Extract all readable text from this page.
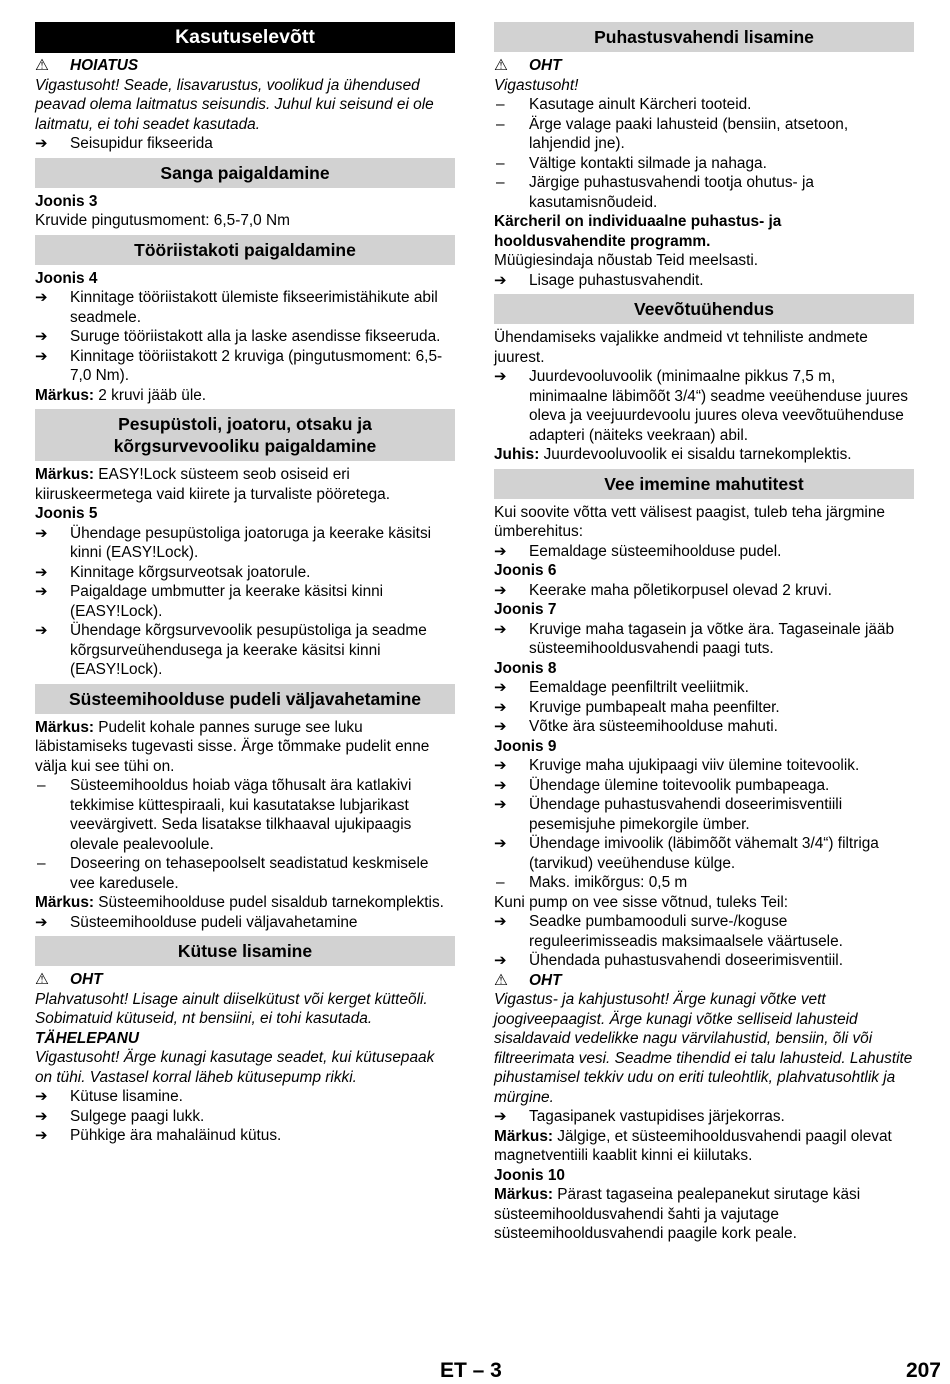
Kasutuselevõtt
⚠ HOIATUS

Vigastusoht! Seade, lisavarustus, voolikud ja ühendused peavad olema laitmatus seisundis. Juhul kui seisund ei ole laitmatu, ei tohi seadet kasutada.

➔	Seisupidur fikseerida
Sanga paigaldamine

Joonis 3

Kruvide pingutusmoment: 6,5-7,0 Nm

Tööriistakoti paigaldamine

Joonis 4

➔	Kinnitage tööriistakott ülemiste fikseerimistähikute abil seadmele.
➔	Suruge tööriistakott alla ja laske asendisse fikseeruda.
➔	Kinnitage tööriistakott 2 kruviga (pingutusmoment: 6,5-7,0 Nm).

Märkus: 2 kruvi jääb üle.

Pesupüstoli, joatoru, otsaku ja
kõrgsurvevooliku paigaldamine

Märkus: EASY!Lock süsteem seob osiseid eri kiiruskeermetega vaid kiirete ja turvaliste pööretega.

Joonis 5

➔	Ühendage pesupüstoliga joatoruga ja keerake käsitsi kinni (EASY!Lock).
➔	Kinnitage kõrgsurveotsak joatorule.
➔	Paigaldage umbmutter ja keerake käsitsi kinni (EASY!Lock).
➔	Ühendage kõrgsurvevoolik pesupüstoliga ja seadme kõrgsurveühendusega ja keerake käsitsi kinni (EASY!Lock).
Süsteemihoolduse pudeli väljavahetamine

Märkus: Pudelit kohale pannes suruge see luku läbistamiseks tugevasti sisse. Ärge tõmmake pudelit enne välja kui see tühi on.

–	Süsteemihooldus hoiab väga tõhusalt ära katlakivi tekkimise küttespiraali, kui kasutatakse lubjarikast veevärgivett. Seda lisatakse tilkhaaval ujukipaagis olevale pealevoolule.
–	Doseering on tehasepoolselt seadistatud keskmisele vee karedusele.

Märkus: Süsteemihoolduse pudel sisaldub tarnekomplektis.

➔	Süsteemihoolduse pudeli väljavahetamine
Kütuse lisamine
⚠ OHT

Plahvatusoht! Lisage ainult diiselkütust või kerget kütteõli. Sobimatuid kütuseid, nt bensiini, ei tohi kasutada.

TÄHELEPANU

Vigastusoht! Ärge kunagi kasutage seadet, kui kütusepaak on tühi. Vastasel korral läheb kütusepump rikki.

➔	Kütuse lisamine.
➔	Sulgege paagi lukk.
➔	Pühkige ära mahaläinud kütus.
Puhastusvahendi lisamine
⚠ OHT

Vigastusoht!

–	Kasutage ainult Kärcheri tooteid.
–	Ärge valage paaki lahusteid (bensiin, atsetoon, lahjendid jne).
–	Vältige kontakti silmade ja nahaga.
–	Järgige puhastusvahendi tootja ohutus- ja kasutamisnõudeid.

Kärcheril on individuaalne puhastus- ja hooldusvahendite programm.

Müügiesindaja nõustab Teid meelsasti.

➔	Lisage puhastusvahendit.
Veevõtuühendus

Ühendamiseks vajalikke andmeid vt tehniliste andmete juurest.

➔	Juurdevooluvoolik (minimaalne pikkus 7,5 m, minimaalne läbimõõt 3/4“) seadme veeühenduse juures oleva ja veejuurdevoolu juures oleva veevõtuühenduse adapteri (näiteks veekraan) abil.

Juhis: Juurdevooluvoolik ei sisaldu tarnekomplektis.

Vee imemine mahutitest

Kui soovite võtta vett välisest paagist, tuleb teha järgmine ümberehitus:

➔	Eemaldage süsteemihoolduse pudel.

Joonis 6

➔	Keerake maha põletikorpusel olevad 2 kruvi.

Joonis 7

➔	Kruvige maha tagasein ja võtke ära. Tagaseinale jääb süsteemihooldusvahendi paagi tuts.

Joonis 8

➔	Eemaldage peenfiltrilt veeliitmik.
➔	Kruvige pumbapealt maha peenfilter.
➔	Võtke ära süsteemihoolduse mahuti.

Joonis 9

➔	Kruvige maha ujukipaagi viiv ülemine toitevoolik.
➔	Ühendage ülemine toitevoolik pumbapeaga.
➔	Ühendage puhastusvahendi doseerimisventiili pesemisjuhe pimekorgile ümber.
➔	Ühendage imivoolik (läbimõõt vähemalt 3/4“) filtriga (tarvikud) veeühenduse külge.
–	Maks. imikõrgus: 0,5 m

Kuni pump on vee sisse võtnud, tuleks Teil:

➔	Seadke pumbamooduli surve-/koguse reguleerimisseadis maksimaalsele väärtusele.
➔	Ühendada puhastusvahendi doseerimisventiil.
⚠ OHT

Vigastus- ja kahjustusoht! Ärge kunagi võtke vett joogiveepaagist. Ärge kunagi võtke selliseid lahusteid sisaldavaid vedelikke nagu värvilahustid, bensiin, õli või filtreerimata vesi. Seadme tihendid ei talu lahusteid. Lahustite pihustamisel tekkiv udu on eriti tuleohtlik, plahvatusohtlik ja mürgine.

➔	Tagasipanek vastupidises järjekorras.

Märkus: Jälgige, et süsteemihooldusvahendi paagil olevat magnetventiili kaablit kinni ei kiilutaks.

Joonis 10

Märkus: Pärast tagaseina pealepanekut sirutage käsi süsteemihooldusvahendi šahti ja vajutage süsteemihooldusvahendi paagile kork peale.

ET – 3	207
